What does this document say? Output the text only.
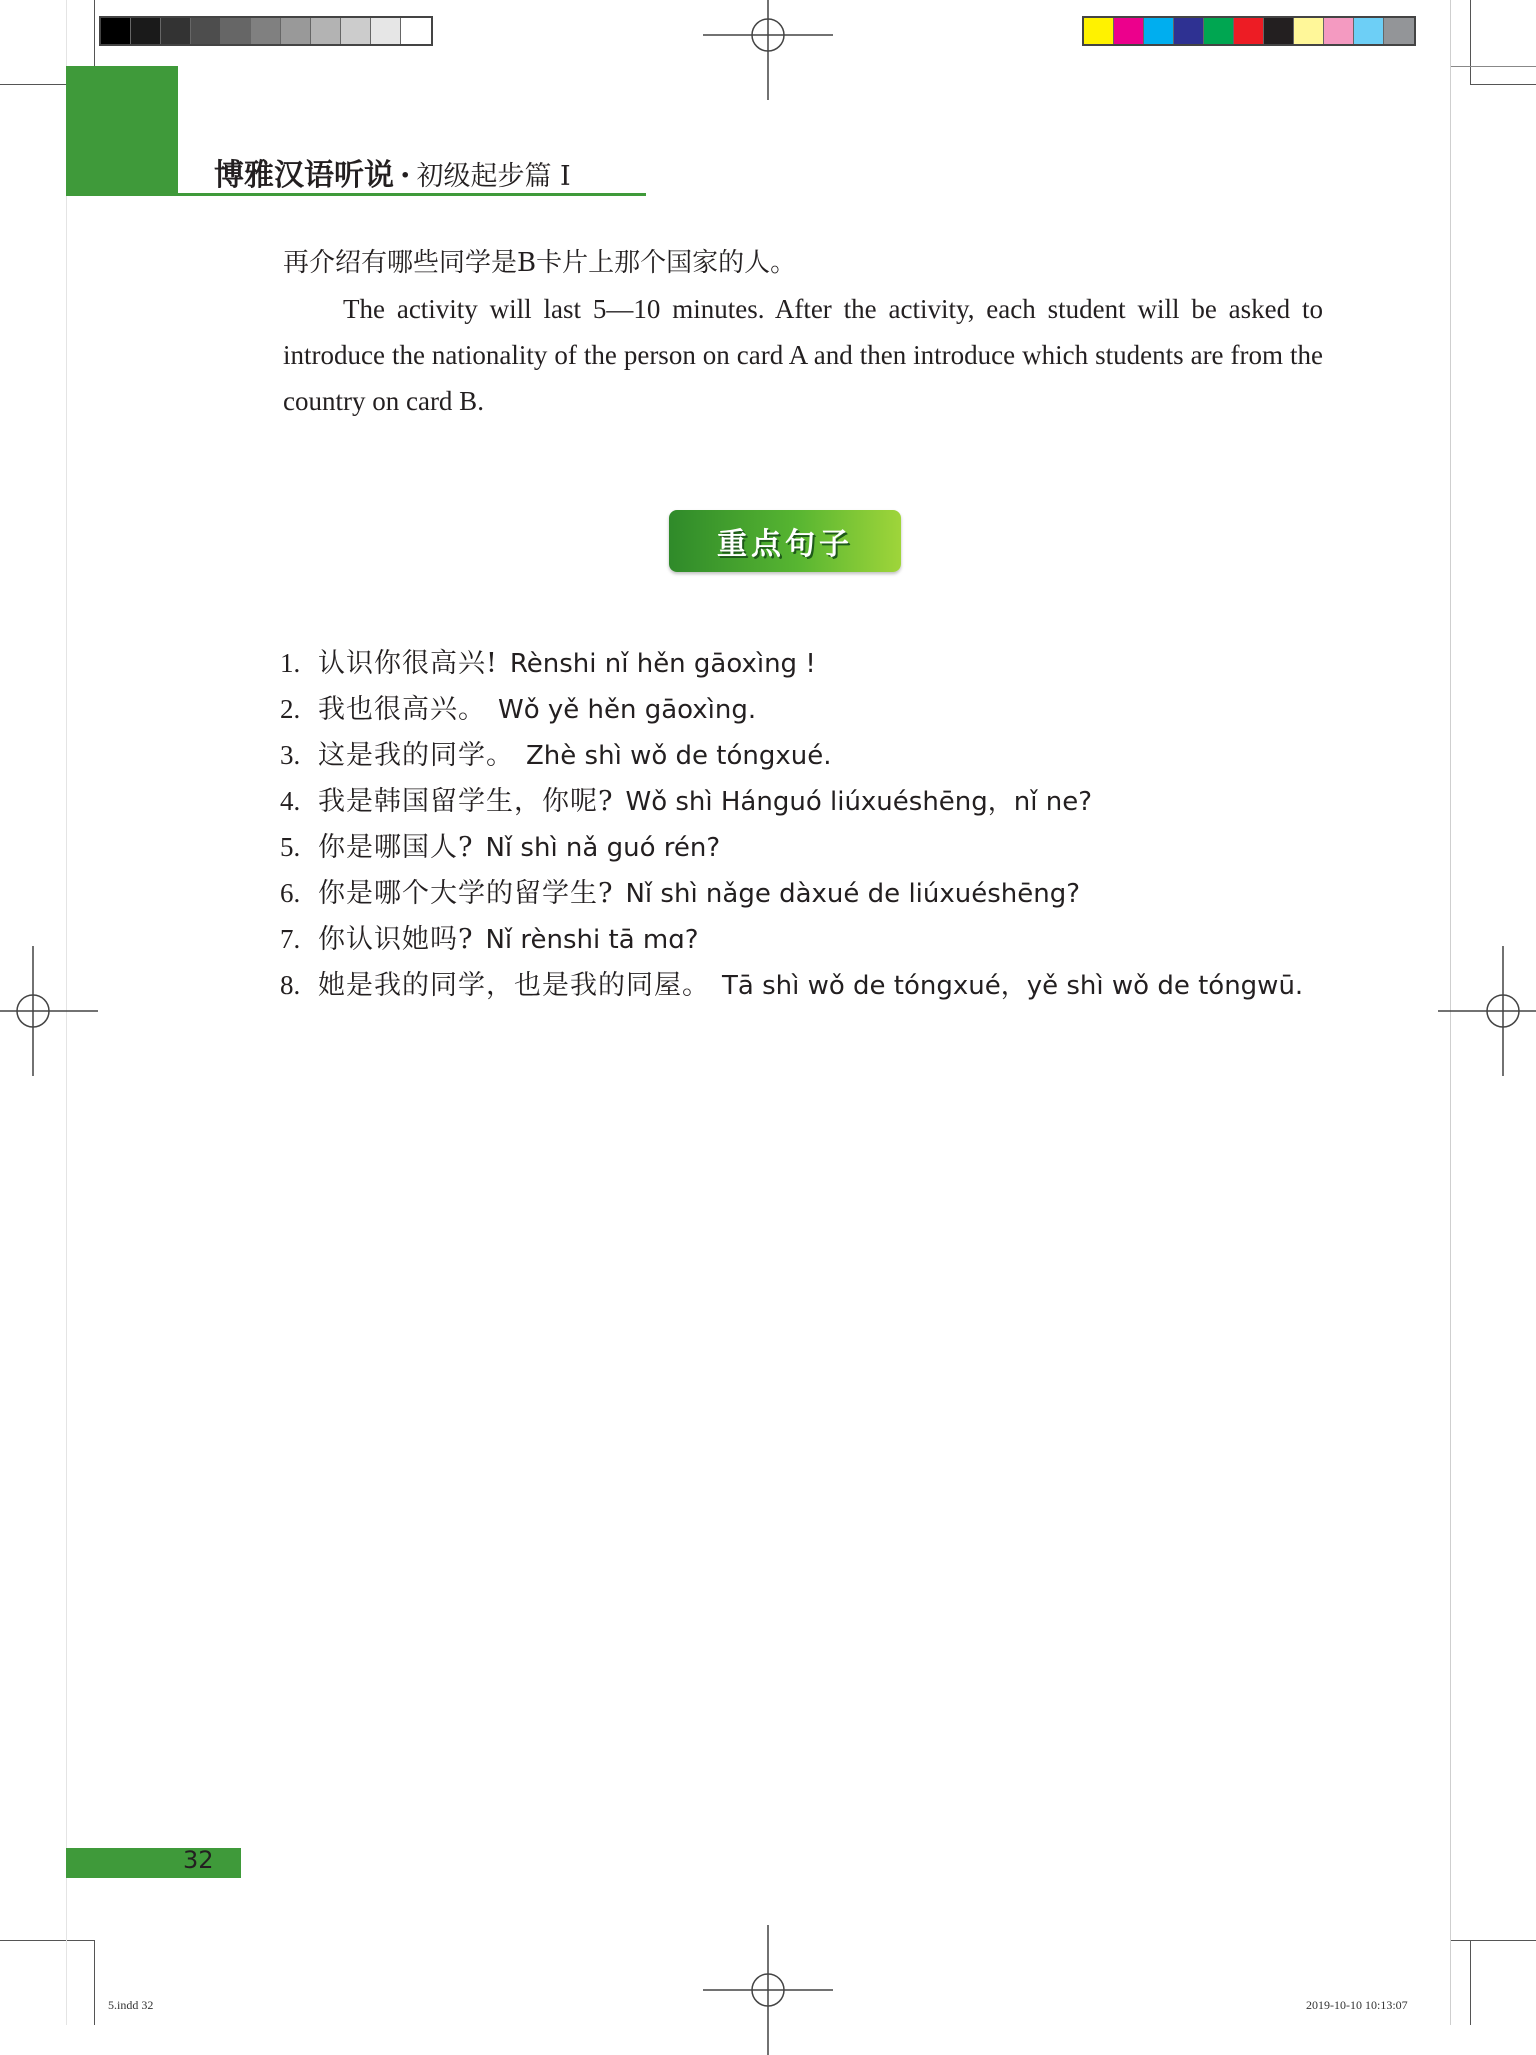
博雅汉语听说 · 初级起步篇 I
再介绍有哪些同学是B卡片上那个国家的人。
The activity will last 5—10 minutes. After the activity, each student will be asked to introduce the nationality of the person on card A and then introduce which students are from the country on card B.
重点句子
1. 认识你很高兴! Rènshi nǐ hěn gāoxìng !
2. 我也很高兴。 Wǒ yě hěn gāoxìng.
3. 这是我的同学。 Zhè shì wǒ de tóngxué.
4. 我是韩国留学生，你呢? Wǒ shì Hánguó liúxuéshēng，nǐ ne?
5. 你是哪国人? Nǐ shì nǎ guó rén?
6. 你是哪个大学的留学生? Nǐ shì nǎge dàxué de liúxuéshēng?
7. 你认识她吗? Nǐ rènshi tā mɑ?
8. 她是我的同学，也是我的同屋。 Tā shì wǒ de tóngxué，yě shì wǒ de tóngwū.
32
5.indd 32	2019-10-10 10:13:07
